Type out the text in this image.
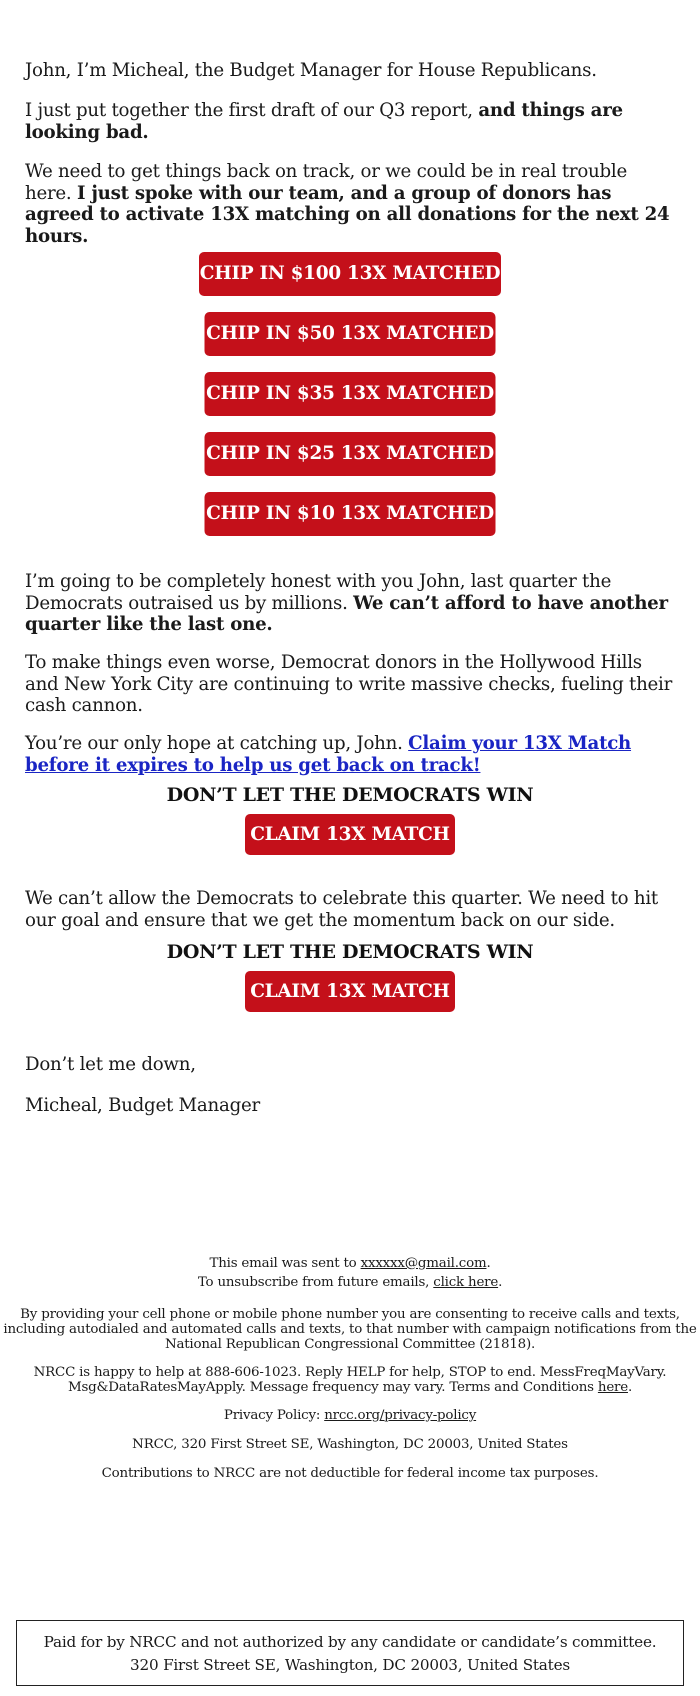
John, I’m Micheal, the Budget Manager for House Republicans.

I just put together the first draft of our Q3 report, and things are looking bad.

We need to get things back on track, or we could be in real trouble here. I just spoke with our team, and a group of donors has agreed to activate 13X matching on all donations for the next 24 hours.

I’m going to be completely honest with you John, last quarter the Democrats outraised us by millions. We can’t afford to have another quarter like the last one.

To make things even worse, Democrat donors in the Hollywood Hills and New York City are continuing to write massive checks, fueling their cash cannon.

You’re our only hope at catching up, John. Claim your 13X Match before it expires to help us get back on track!

We can’t allow the Democrats to celebrate this quarter. We need to hit our goal and ensure that we get the momentum back on our side.

Don’t let me down,

Micheal, Budget Manager

CHIP IN $100 13X MATCHED
CHIP IN $50 13X MATCHED
CHIP IN $35 13X MATCHED
CHIP IN $25 13X MATCHED
CHIP IN $10 13X MATCHED
DON’T LET THE DEMOCRATS WIN
CLAIM 13X MATCH
DON’T LET THE DEMOCRATS WIN
CLAIM 13X MATCH

This email was sent to xxxxxx@gmail.com.

To unsubscribe from future emails, click here.

By providing your cell phone or mobile phone number you are consenting to receive calls and texts,

including autodialed and automated calls and texts, to that number with campaign notifications from the

National Republican Congressional Committee (21818).

NRCC is happy to help at 888-606-1023. Reply HELP for help, STOP to end. MessFreqMayVary.

Msg&DataRatesMayApply. Message frequency may vary. Terms and Conditions here.

Privacy Policy: nrcc.org/privacy-policy

NRCC, 320 First Street SE, Washington, DC 20003, United States

Contributions to NRCC are not deductible for federal income tax purposes.

Paid for by NRCC and not authorized by any candidate or candidate’s committee. 320 First Street SE, Washington, DC 20003, United States
